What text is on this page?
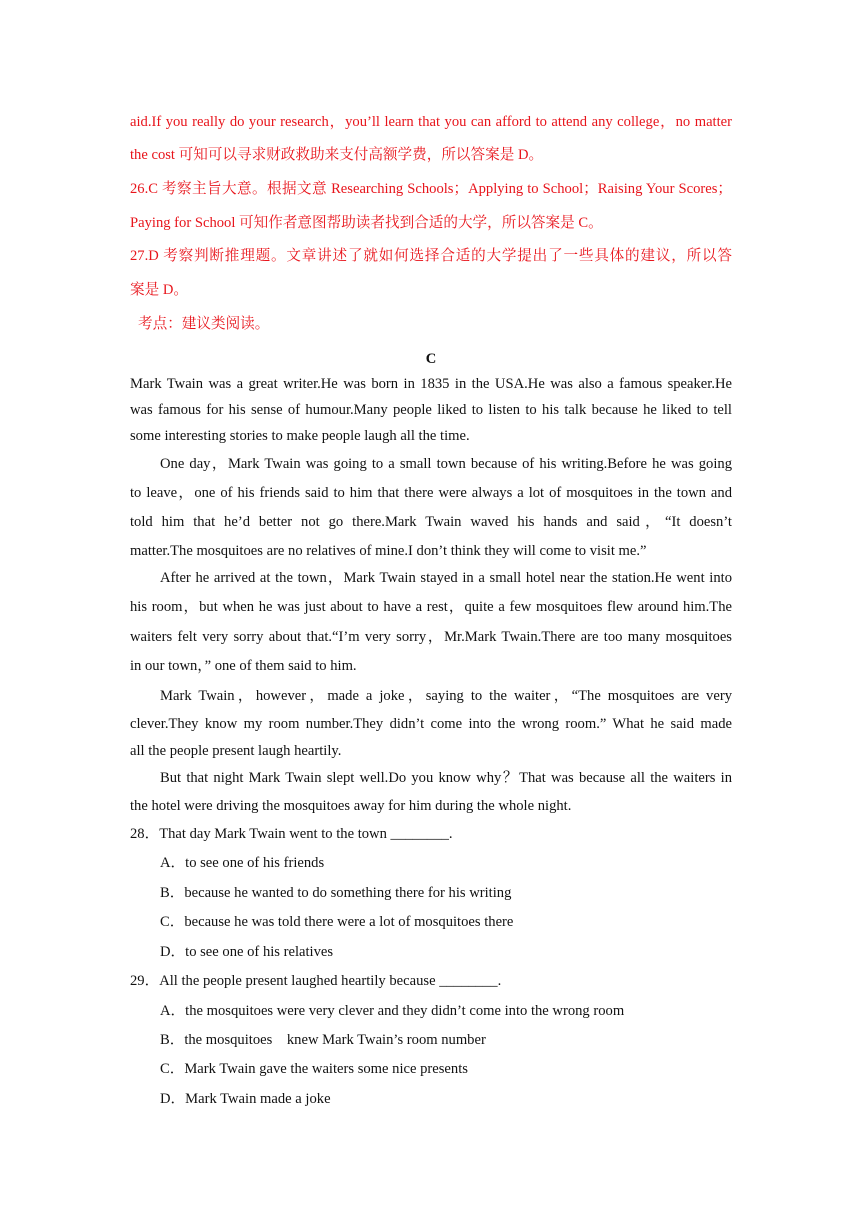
aid.If you really do your research，you’ll learn that you can afford to attend any college，no matter
the cost 可知可以寻求财政救助来支付高额学费，所以答案是 D。
26.C 考察主旨大意。根据文意 Researching Schools；Applying to School；Raising Your Scores；
Paying for School 可知作者意图帮助读者找到合适的大学，所以答案是 C。
27.D 考察判断推理题。文章讲述了就如何选择合适的大学提出了一些具体的建议，所以答
案是 D。
考点：建议类阅读。
C
Mark Twain was a great writer.He was born in 1835 in the USA.He was also a famous speaker.He
was famous for his sense of humour.Many people liked to listen to his talk because he liked to tell
some interesting stories to make people laugh all the time.
One day，Mark Twain was going to a small town because of his writing.Before he was going
to leave，one of his friends said to him that there were always a lot of mosquitoes in the town and
told him that he’d better not go there.Mark Twain waved his hands and said，“It doesn’t
matter.The mosquitoes are no relatives of mine.I don’t think they will come to visit me.”
After he arrived at the town，Mark Twain stayed in a small hotel near the station.He went into
his room，but when he was just about to have a rest，quite a few mosquitoes flew around him.The
waiters felt very sorry about that.“I’m very sorry，Mr.Mark Twain.There are too many mosquitoes
in our town，” one of them said to him.
Mark Twain，however，made a joke，saying to the waiter，“The mosquitoes are very
clever.They know my room number.They didn’t come into the wrong room.” What he said made
all the people present laugh heartily.
But that night Mark Twain slept well.Do you know why？That was because all the waiters in
the hotel were driving the mosquitoes away for him during the whole night.
28．That day Mark Twain went to the town ________.
A．to see one of his friends
B．because he wanted to do something there for his writing
C．because he was told there were a lot of mosquitoes there
D．to see one of his relatives
29．All the people present laughed heartily because ________.
A．the mosquitoes were very clever and they didn’t come into the wrong room
B．the mosquitoes　knew Mark Twain’s room number
C．Mark Twain gave the waiters some nice presents
D．Mark Twain made a joke
